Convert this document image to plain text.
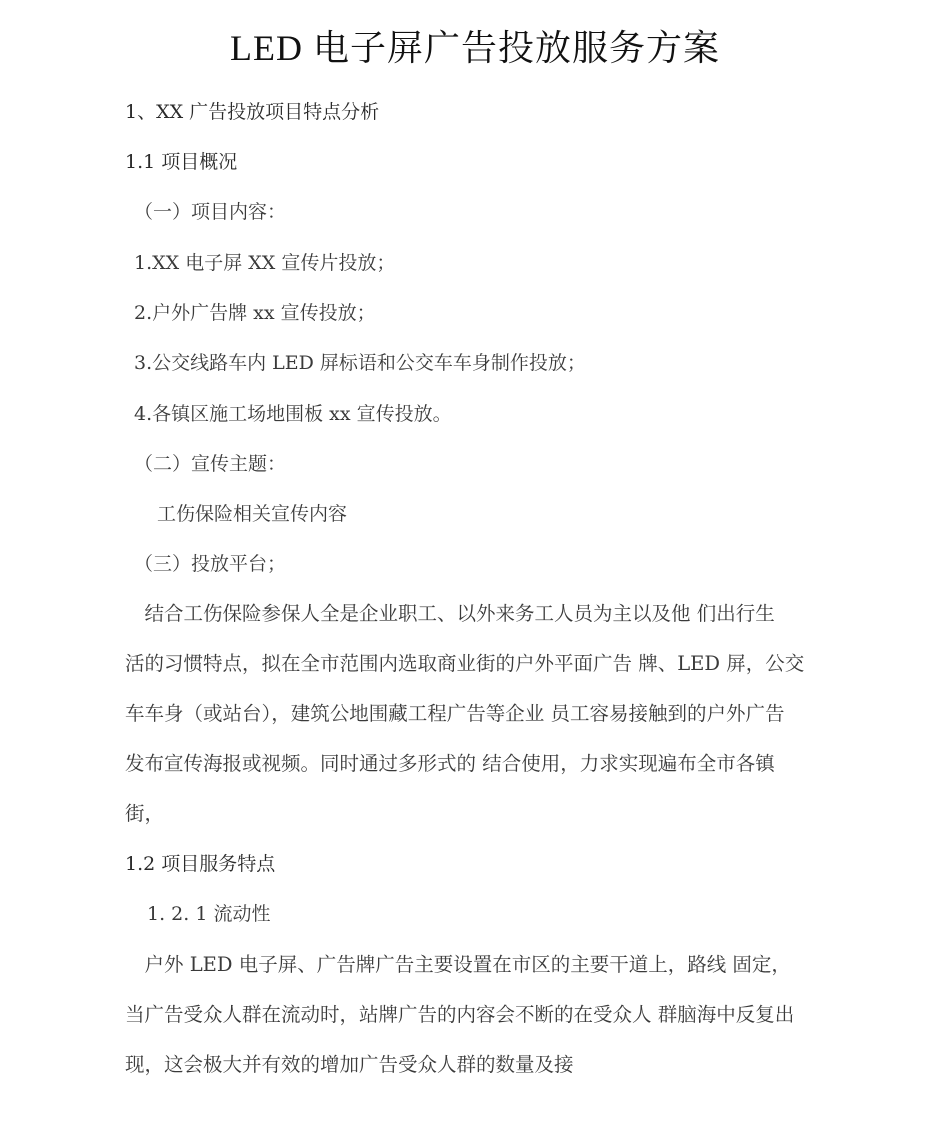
LED 电子屏广告投放服务方案
1、XX 广告投放项目特点分析
1.1 项目概况
（一）项目内容：
1.XX 电子屏 XX 宣传片投放；
2.户外广告牌 xx 宣传投放；
3.公交线路车内 LED 屏标语和公交车车身制作投放；
4.各镇区施工场地围板 xx 宣传投放。
（二）宣传主题：
工伤保险相关宣传内容
（三）投放平台；
　结合工伤保险参保人全是企业职工、以外来务工人员为主以及他 们出行生
活的习惯特点，拟在全市范围内选取商业街的户外平面广告 牌、LED 屏，公交
车车身（或站台），建筑公地围藏工程广告等企业 员工容易接触到的户外广告
发布宣传海报或视频。同时通过多形式的 结合使用，力求实现遍布全市各镇
街，
1.2 项目服务特点
1. 2. 1 流动性
　户外 LED 电子屏、广告牌广告主要设置在市区的主要干道上，路线 固定，
当广告受众人群在流动时，站牌广告的内容会不断的在受众人 群脑海中反复出
现，这会极大并有效的增加广告受众人群的数量及接
